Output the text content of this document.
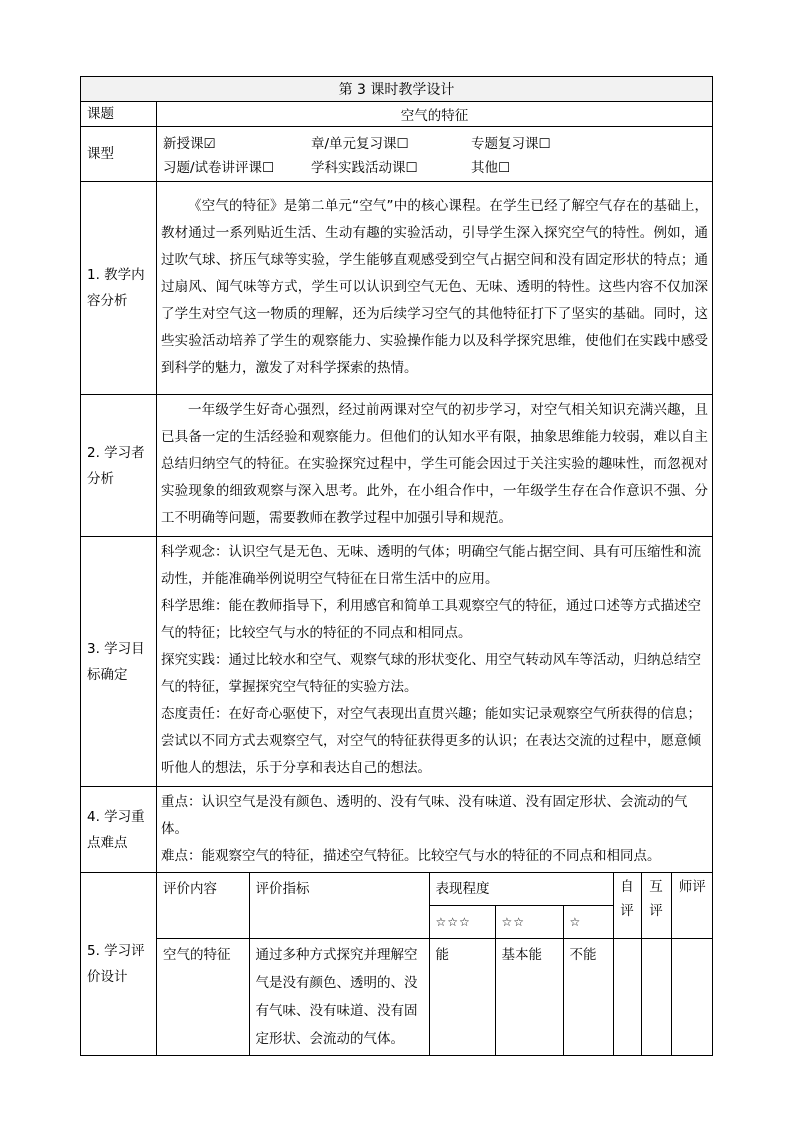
第 3 课时教学设计
课题	空气的特征
课型	
新授课☑	章/单元复习课☐	专题复习课☐
习题/试卷讲评课☐	学科实践活动课☐	其他☐

1. 教学内容分析	《空气的特征》是第二单元“空气”中的核心课程。在学生已经了解空气存在的基础上，教材通过一系列贴近生活、生动有趣的实验活动，引导学生深入探究空气的特性。例如，通过吹气球、挤压气球等实验，学生能够直观感受到空气占据空间和没有固定形状的特点；通过扇风、闻气味等方式，学生可以认识到空气无色、无味、透明的特性。这些内容不仅加深了学生对空气这一物质的理解，还为后续学习空气的其他特征打下了坚实的基础。同时，这些实验活动培养了学生的观察能力、实验操作能力以及科学探究思维，使他们在实践中感受到科学的魅力，激发了对科学探索的热情。
2. 学习者分析	一年级学生好奇心强烈，经过前两课对空气的初步学习，对空气相关知识充满兴趣，且已具备一定的生活经验和观察能力。但他们的认知水平有限，抽象思维能力较弱，难以自主总结归纳空气的特征。在实验探究过程中，学生可能会因过于关注实验的趣味性，而忽视对实验现象的细致观察与深入思考。此外，在小组合作中，一年级学生存在合作意识不强、分工不明确等问题，需要教师在教学过程中加强引导和规范。
3. 学习目标确定	

科学观念：认识空气是无色、无味、透明的气体；明确空气能占据空间、具有可压缩性和流动性，并能准确举例说明空气特征在日常生活中的应用。

科学思维：能在教师指导下，利用感官和简单工具观察空气的特征，通过口述等方式描述空气的特征；比较空气与水的特征的不同点和相同点。

探究实践：通过比较水和空气、观察气球的形状变化、用空气转动风车等活动，归纳总结空气的特征，掌握探究空气特征的实验方法。

态度责任：在好奇心驱使下，对空气表现出直贯兴趣；能如实记录观察空气所获得的信息；尝试以不同方式去观察空气，对空气的特征获得更多的认识；在表达交流的过程中，愿意倾听他人的想法，乐于分享和表达自己的想法。

4. 学习重点难点	
重点：认识空气是没有颜色、透明的、没有气味、没有味道、没有固定形状、会流动的气体。
难点：能观察空气的特征，描述空气特征。比较空气与水的特征的不同点和相同点。

5. 学习评价设计	
评价内容	评价指标	表现程度	自评	互评	师评
☆☆☆	☆☆	☆
空气的特征	通过多种方式探究并理解空气是没有颜色、透明的、没有气味、没有味道、没有固定形状、会流动的气体。	能	基本能	不能			
